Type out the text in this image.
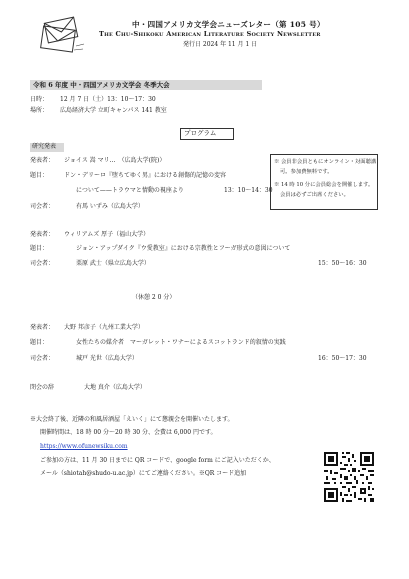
中・四国アメリカ文学会ニューズレター（第 105 号）
The Chu-Shikoku American Literature Society Newsletter
発行日 2024 年 11 月 1 日
令和 6 年度 中・四国アメリカ文学会 冬季大会
日時： 12 月 7 日（土）13：10～17：30
場所： 広島経済大学 立町キャンパス 141 教室
プログラム
研究発表
発表者： ジョイス 嵩 マリ…　（広島大学(院)）
題目：	ドン・デリーロ『堕ちてゆく男』における創傷的記憶の変容
について——トラウマと情動の視座より	13：10～14：30
司会者：	有馬 いずみ（広島大学）
※ 会員非会員ともにオンライン・対面聴講
可。参加費無料です。
※ 14 時 10 分に会員総会を開催します。
会員は必ずご出席ください。
発表者： ウィリアムズ 厚子（福山大学）
題目：	ジョン・アップダイク『ウ愛教室』における宗教性とフーガ形式の意図について
司会者：	栗原 武士（県立広島大学）	15：50～16：30
（休憩 2 0 分）
発表者： 大野 邦彦子（九州工業大学）
題目：	女性たちの媒介者　マーガレット・ワナーによるスコットランド的叙情の実践
司会者：	城戸 光世（広島大学）	16：50～17：30
閉会の辞	大地 真介（広島大学）
※大会終了後、近隣の和風居酒屋「えいく」にて懇親会を開催いたします。
開催時間は、18 時 00 分～20 時 30 分、会費は 6,000 円です。
https://www.ofunewsiku.com
ご参加の方は、11 月 30 日までに QR コードで、google form にご記入いただくか、
メール（shiotah@shudo-u.ac.jp）にてご連絡ください。※QR コード追加
